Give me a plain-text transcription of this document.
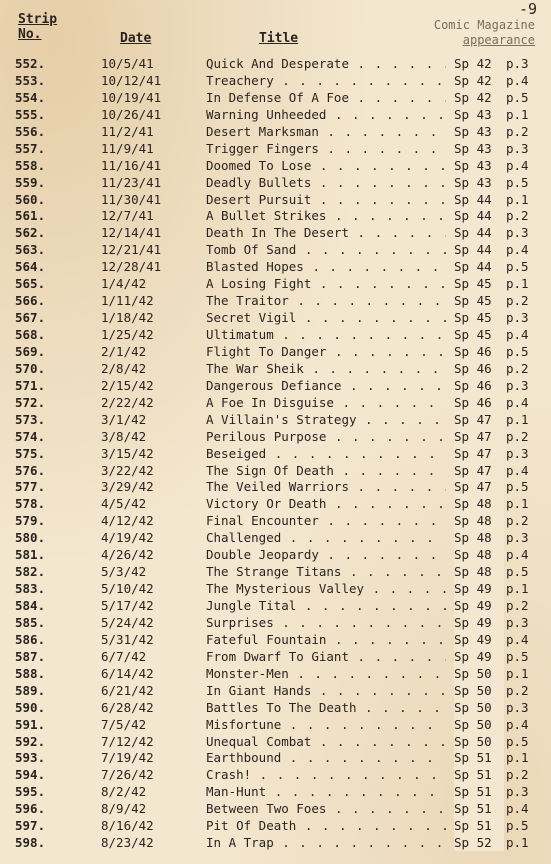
-9
Strip
No.	Date	Title
Comic Magazine
appearance
552.	10/5/41	Quick And Desperate . . .	Sp 42	p.3
553.	10/12/41	Treachery . . .	Sp 42	p.4
554.	10/19/41	In Defense Of A Foe . . .	Sp 42	p.5
555.	10/26/41	Warning Unheeded . . .	Sp 43	p.1
556.	11/2/41	Desert Marksman . . .	Sp 43	p.2
557.	11/9/41	Trigger Fingers . . .	Sp 43	p.3
558.	11/16/41	Doomed To Lose . . .	Sp 43	p.4
559.	11/23/41	Deadly Bullets . . .	Sp 43	p.5
560.	11/30/41	Desert Pursuit . . .	Sp 44	p.1
561.	12/7/41	A Bullet Strikes . . .	Sp 44	p.2
562.	12/14/41	Death In The Desert . . .	Sp 44	p.3
563.	12/21/41	Tomb Of Sand . . .	Sp 44	p.4
564.	12/28/41	Blasted Hopes . . .	Sp 44	p.5
565.	1/4/42	A Losing Fight . . .	Sp 45	p.1
566.	1/11/42	The Traitor . . .	Sp 45	p.2
567.	1/18/42	Secret Vigil . . .	Sp 45	p.3
568.	1/25/42	Ultimatum . . .	Sp 45	p.4
569.	2/1/42	Flight To Danger . . .	Sp 46	p.5
570.	2/8/42	The War Sheik . . .	Sp 46	p.2
571.	2/15/42	Dangerous Defiance . . .	Sp 46	p.3
572.	2/22/42	A Foe In Disguise . . .	Sp 46	p.4
573.	3/1/42	A Villain's Strategy . . .	Sp 47	p.1
574.	3/8/42	Perilous Purpose . . .	Sp 47	p.2
575.	3/15/42	Beseiged . . .	Sp 47	p.3
576.	3/22/42	The Sign Of Death . . .	Sp 47	p.4
577.	3/29/42	The Veiled Warriors . . .	Sp 47	p.5
578.	4/5/42	Victory Or Death . . .	Sp 48	p.1
579.	4/12/42	Final Encounter . . .	Sp 48	p.2
580.	4/19/42	Challenged . . .	Sp 48	p.3
581.	4/26/42	Double Jeopardy . . .	Sp 48	p.4
582.	5/3/42	The Strange Titans . . .	Sp 48	p.5
583.	5/10/42	The Mysterious Valley . . .	Sp 49	p.1
584.	5/17/42	Jungle Tital . . .	Sp 49	p.2
585.	5/24/42	Surprises . . .	Sp 49	p.3
586.	5/31/42	Fateful Fountain . . .	Sp 49	p.4
587.	6/7/42	From Dwarf To Giant . . .	Sp 49	p.5
588.	6/14/42	Monster-Men . . .	Sp 50	p.1
589.	6/21/42	In Giant Hands . . .	Sp 50	p.2
590.	6/28/42	Battles To The Death . . .	Sp 50	p.3
591.	7/5/42	Misfortune . . .	Sp 50	p.4
592.	7/12/42	Unequal Combat . . .	Sp 50	p.5
593.	7/19/42	Earthbound . . .	Sp 51	p.1
594.	7/26/42	Crash! . . .	Sp 51	p.2
595.	8/2/42	Man-Hunt . . .	Sp 51	p.3
596.	8/9/42	Between Two Foes . . .	Sp 51	p.4
597.	8/16/42	Pit Of Death . . .	Sp 51	p.5
598.	8/23/42	In A Trap . . .	Sp 52	p.1
